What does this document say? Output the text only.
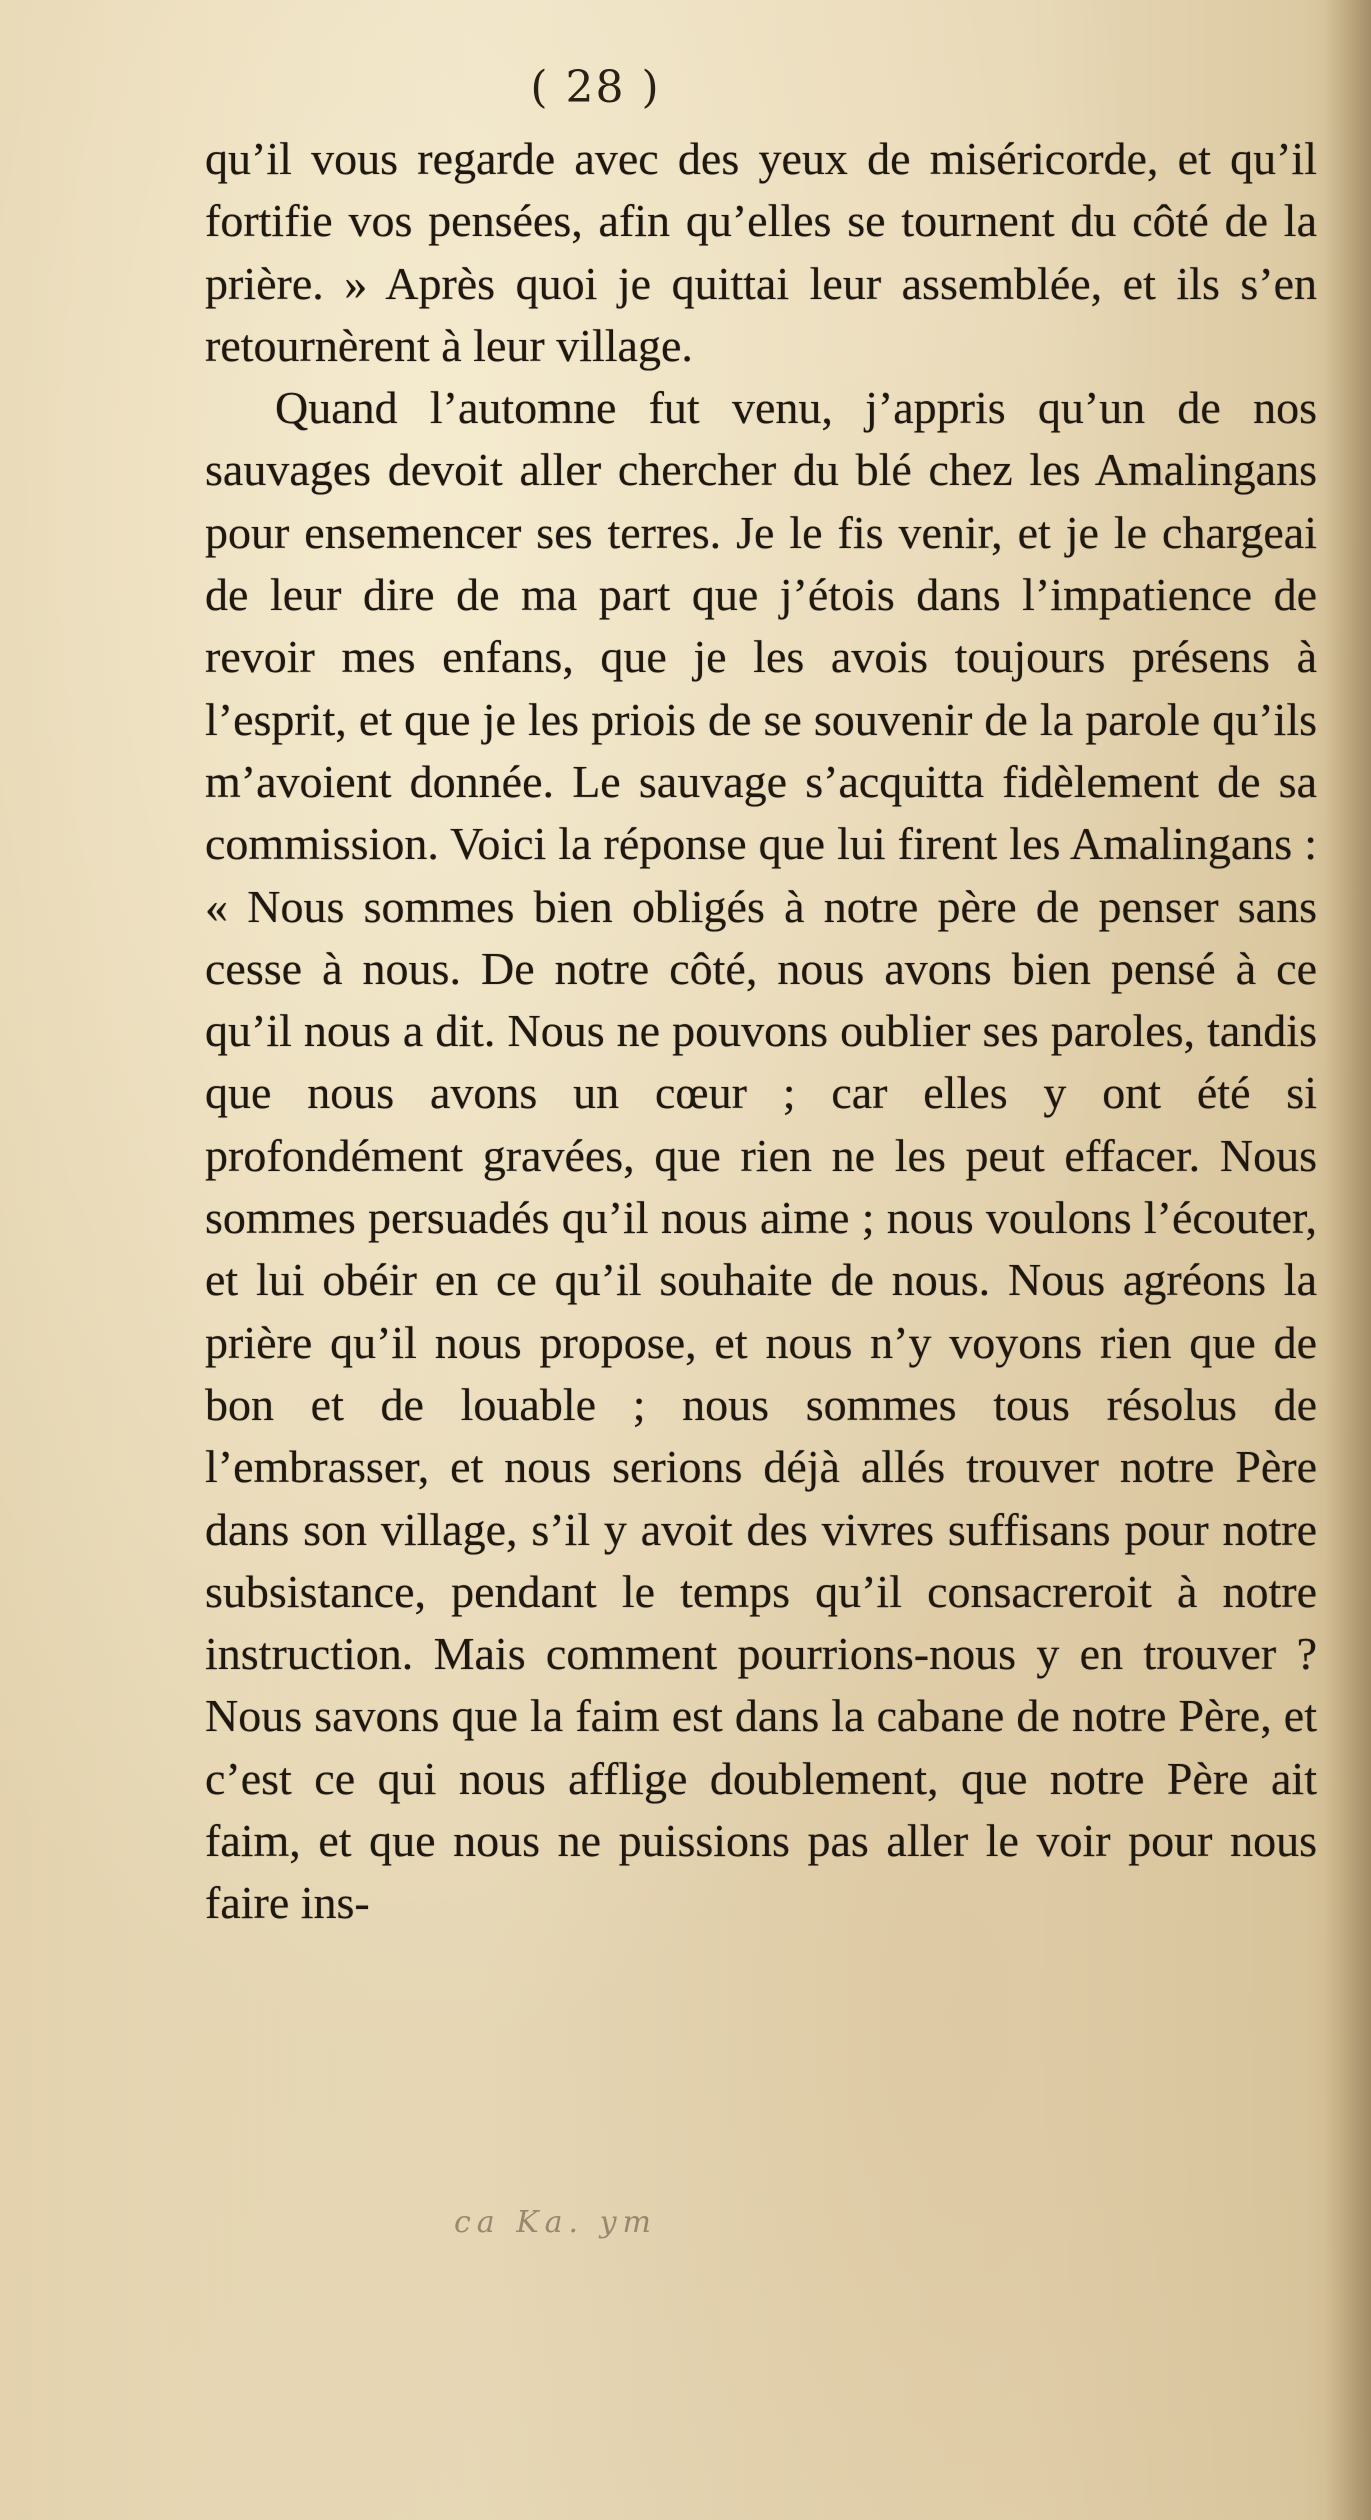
( 28 )

qu’il vous regarde avec des yeux de miséricorde, et qu’il fortifie vos pensées, afin qu’elles se tournent du côté de la prière. » Après quoi je quittai leur assemblée, et ils s’en retournèrent à leur village.

Quand l’automne fut venu, j’appris qu’un de nos sauvages devoit aller chercher du blé chez les Amalingans pour ensemencer ses terres. Je le fis venir, et je le chargeai de leur dire de ma part que j’étois dans l’impatience de revoir mes enfans, que je les avois toujours présens à l’esprit, et que je les priois de se souvenir de la parole qu’ils m’avoient donnée. Le sauvage s’acquitta fidèlement de sa commission. Voici la réponse que lui firent les Amalingans : « Nous sommes bien obligés à notre père de penser sans cesse à nous. De notre côté, nous avons bien pensé à ce qu’il nous a dit. Nous ne pouvons oublier ses paroles, tandis que nous avons un cœur ; car elles y ont été si profondément gravées, que rien ne les peut effacer. Nous sommes persuadés qu’il nous aime ; nous voulons l’écouter, et lui obéir en ce qu’il souhaite de nous. Nous agréons la prière qu’il nous propose, et nous n’y voyons rien que de bon et de louable ; nous sommes tous résolus de l’embrasser, et nous serions déjà allés trouver notre Père dans son village, s’il y avoit des vivres suffisans pour notre subsistance, pendant le temps qu’il consacreroit à notre instruction. Mais comment pourrions-nous y en trouver ? Nous savons que la faim est dans la cabane de notre Père, et c’est ce qui nous afflige doublement, que notre Père ait faim, et que nous ne puissions pas aller le voir pour nous faire ins-

ca Ka. ym
